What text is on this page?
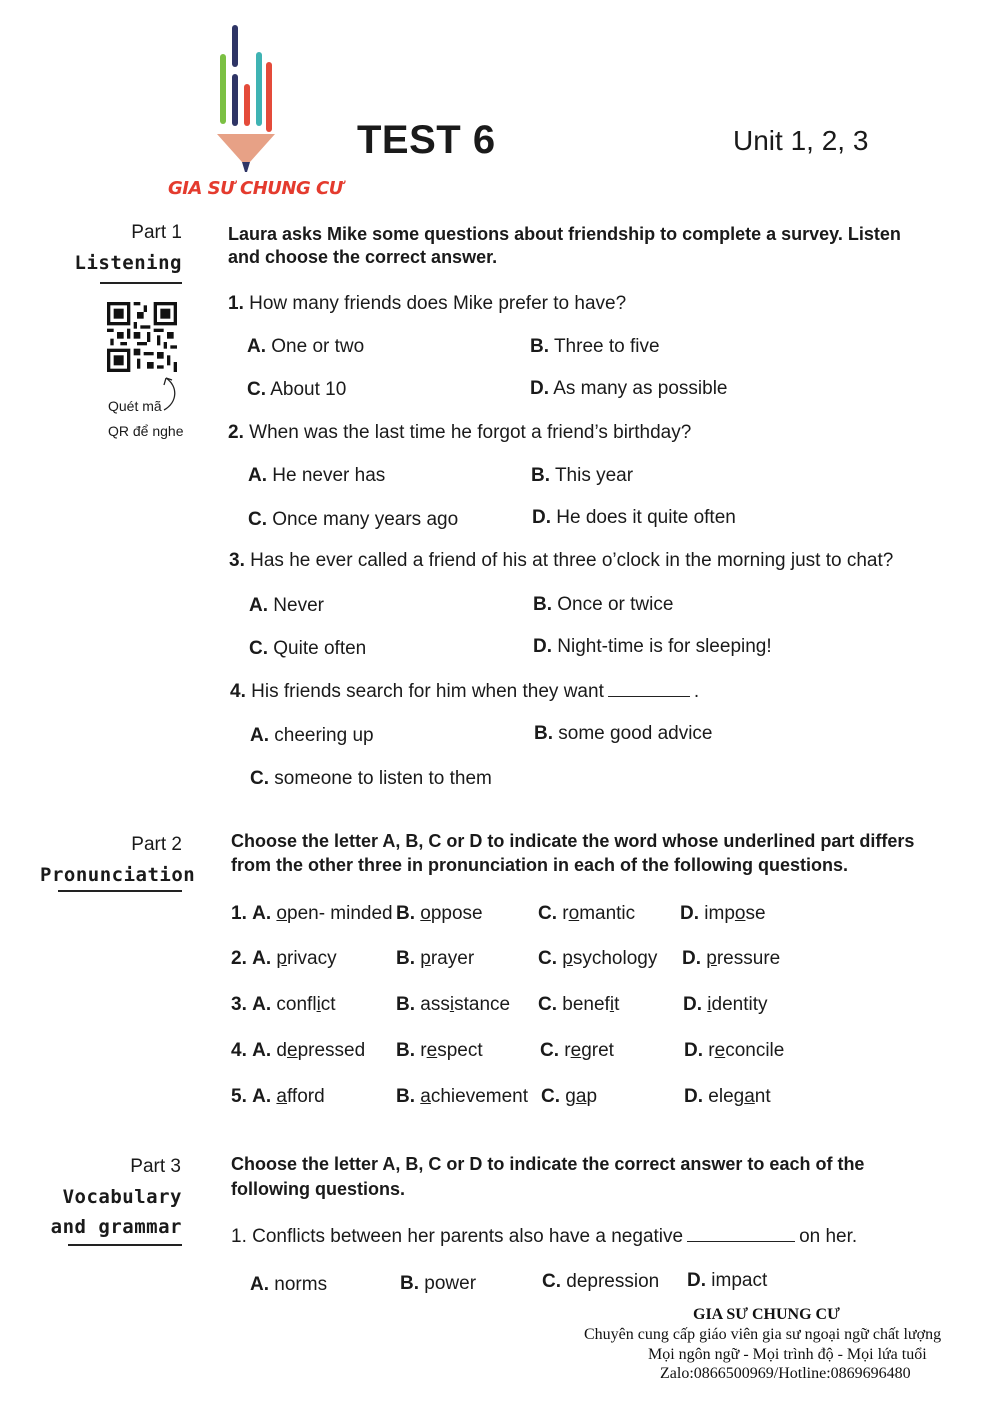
GIA SƯ CHUNG CƯ
TEST 6	Unit 1, 2, 3
Part 1
Listening
Quét mã
QR để nghe
Laura asks Mike some questions about friendship to complete a survey. Listen
and choose the correct answer.
1. How many friends does Mike prefer to have?
A. One or two	B. Three to five
C. About 10	D. As many as possible
2. When was the last time he forgot a friend’s birthday?
A. He never has	B. This year
C. Once many years ago	D. He does it quite often
3. Has he ever called a friend of his at three o’clock in the morning just to chat?
A. Never	B. Once or twice
C. Quite often	D. Night-time is for sleeping!
4. His friends search for him when they want	.
A. cheering up	B. some good advice
C. someone to listen to them
Part 2
Pronunciation
Choose the letter A, B, C or D to indicate the word whose underlined part differs
from the other three in pronunciation in each of the following questions.
1. A. open- minded B. oppose	C. romantic D. impose
2. A. privacy	B. prayer	C. psychology D. pressure
3. A. conflict	B. assistance C. benefit	D. identity
4. A. depressed B. respect	C. regret	D. reconcile
5. A. afford	B. achievement C. gap	D. elegant
Part 3
Vocabulary
and grammar
Choose the letter A, B, C or D to indicate the correct answer to each of the
following questions.
1. Conflicts between her parents also have a negative	on her.
A. norms	B. power	C. depression D. impact
GIA SƯ CHUNG CƯ
Chuyên cung cấp giáo viên gia sư ngoại ngữ chất lượng
Mọi ngôn ngữ - Mọi trình độ - Mọi lứa tuổi
Zalo:0866500969/Hotline:0869696480
